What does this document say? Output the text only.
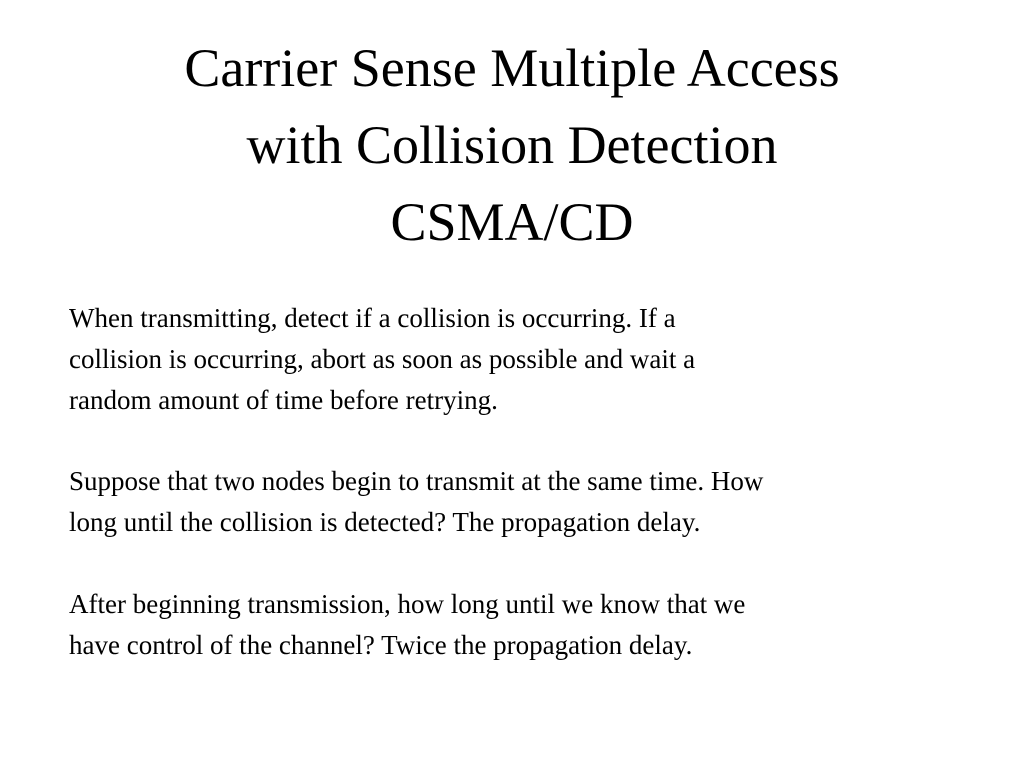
Carrier Sense Multiple Access
with Collision Detection
CSMA/CD
When transmitting, detect if a collision is occurring. If a
collision is occurring, abort as soon as possible and wait a
random amount of time before retrying.
Suppose that two nodes begin to transmit at the same time. How
long until the collision is detected? The propagation delay.
After beginning transmission, how long until we know that we
have control of the channel? Twice the propagation delay.
